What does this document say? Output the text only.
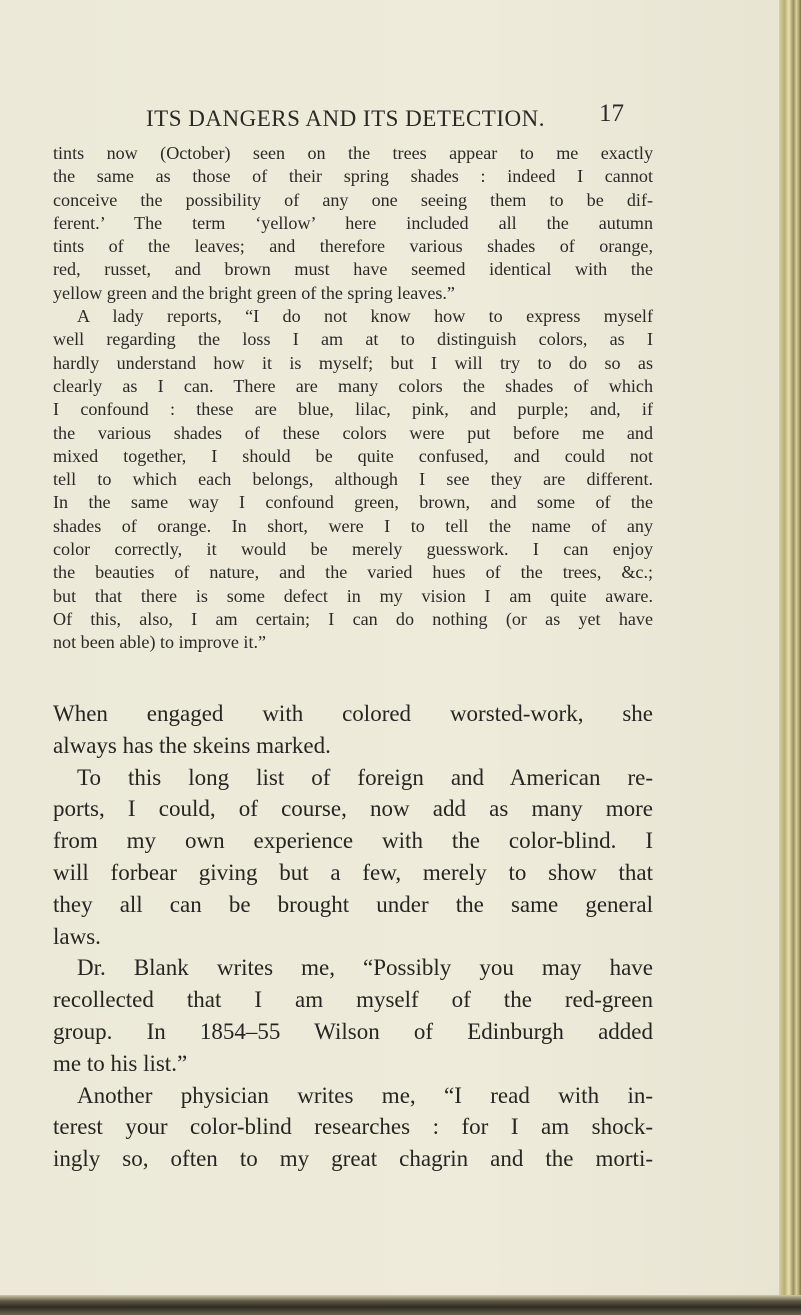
ITS DANGERS AND ITS DETECTION. 17

tints now (October) seen on the trees appear to me exactly
the same as those of their spring shades : indeed I cannot
conceive the possibility of any one seeing them to be dif-
ferent.’ The term ‘yellow’ here included all the autumn
tints of the leaves; and therefore various shades of orange,
red, russet, and brown must have seemed identical with the
yellow green and the bright green of the spring leaves.”

A lady reports, “I do not know how to express myself
well regarding the loss I am at to distinguish colors, as I
hardly understand how it is myself; but I will try to do so as
clearly as I can. There are many colors the shades of which
I confound : these are blue, lilac, pink, and purple; and, if
the various shades of these colors were put before me and
mixed together, I should be quite confused, and could not
tell to which each belongs, although I see they are different.
In the same way I confound green, brown, and some of the
shades of orange. In short, were I to tell the name of any
color correctly, it would be merely guesswork. I can enjoy
the beauties of nature, and the varied hues of the trees, &c.;
but that there is some defect in my vision I am quite aware.
Of this, also, I am certain; I can do nothing (or as yet have
not been able) to improve it.”

When engaged with colored worsted-work, she
always has the skeins marked.

To this long list of foreign and American re-
ports, I could, of course, now add as many more
from my own experience with the color-blind. I
will forbear giving but a few, merely to show that
they all can be brought under the same general
laws.

Dr. Blank writes me, “Possibly you may have
recollected that I am myself of the red-green
group. In 1854–55 Wilson of Edinburgh added
me to his list.”

Another physician writes me, “I read with in-
terest your color-blind researches : for I am shock-
ingly so, often to my great chagrin and the morti-
